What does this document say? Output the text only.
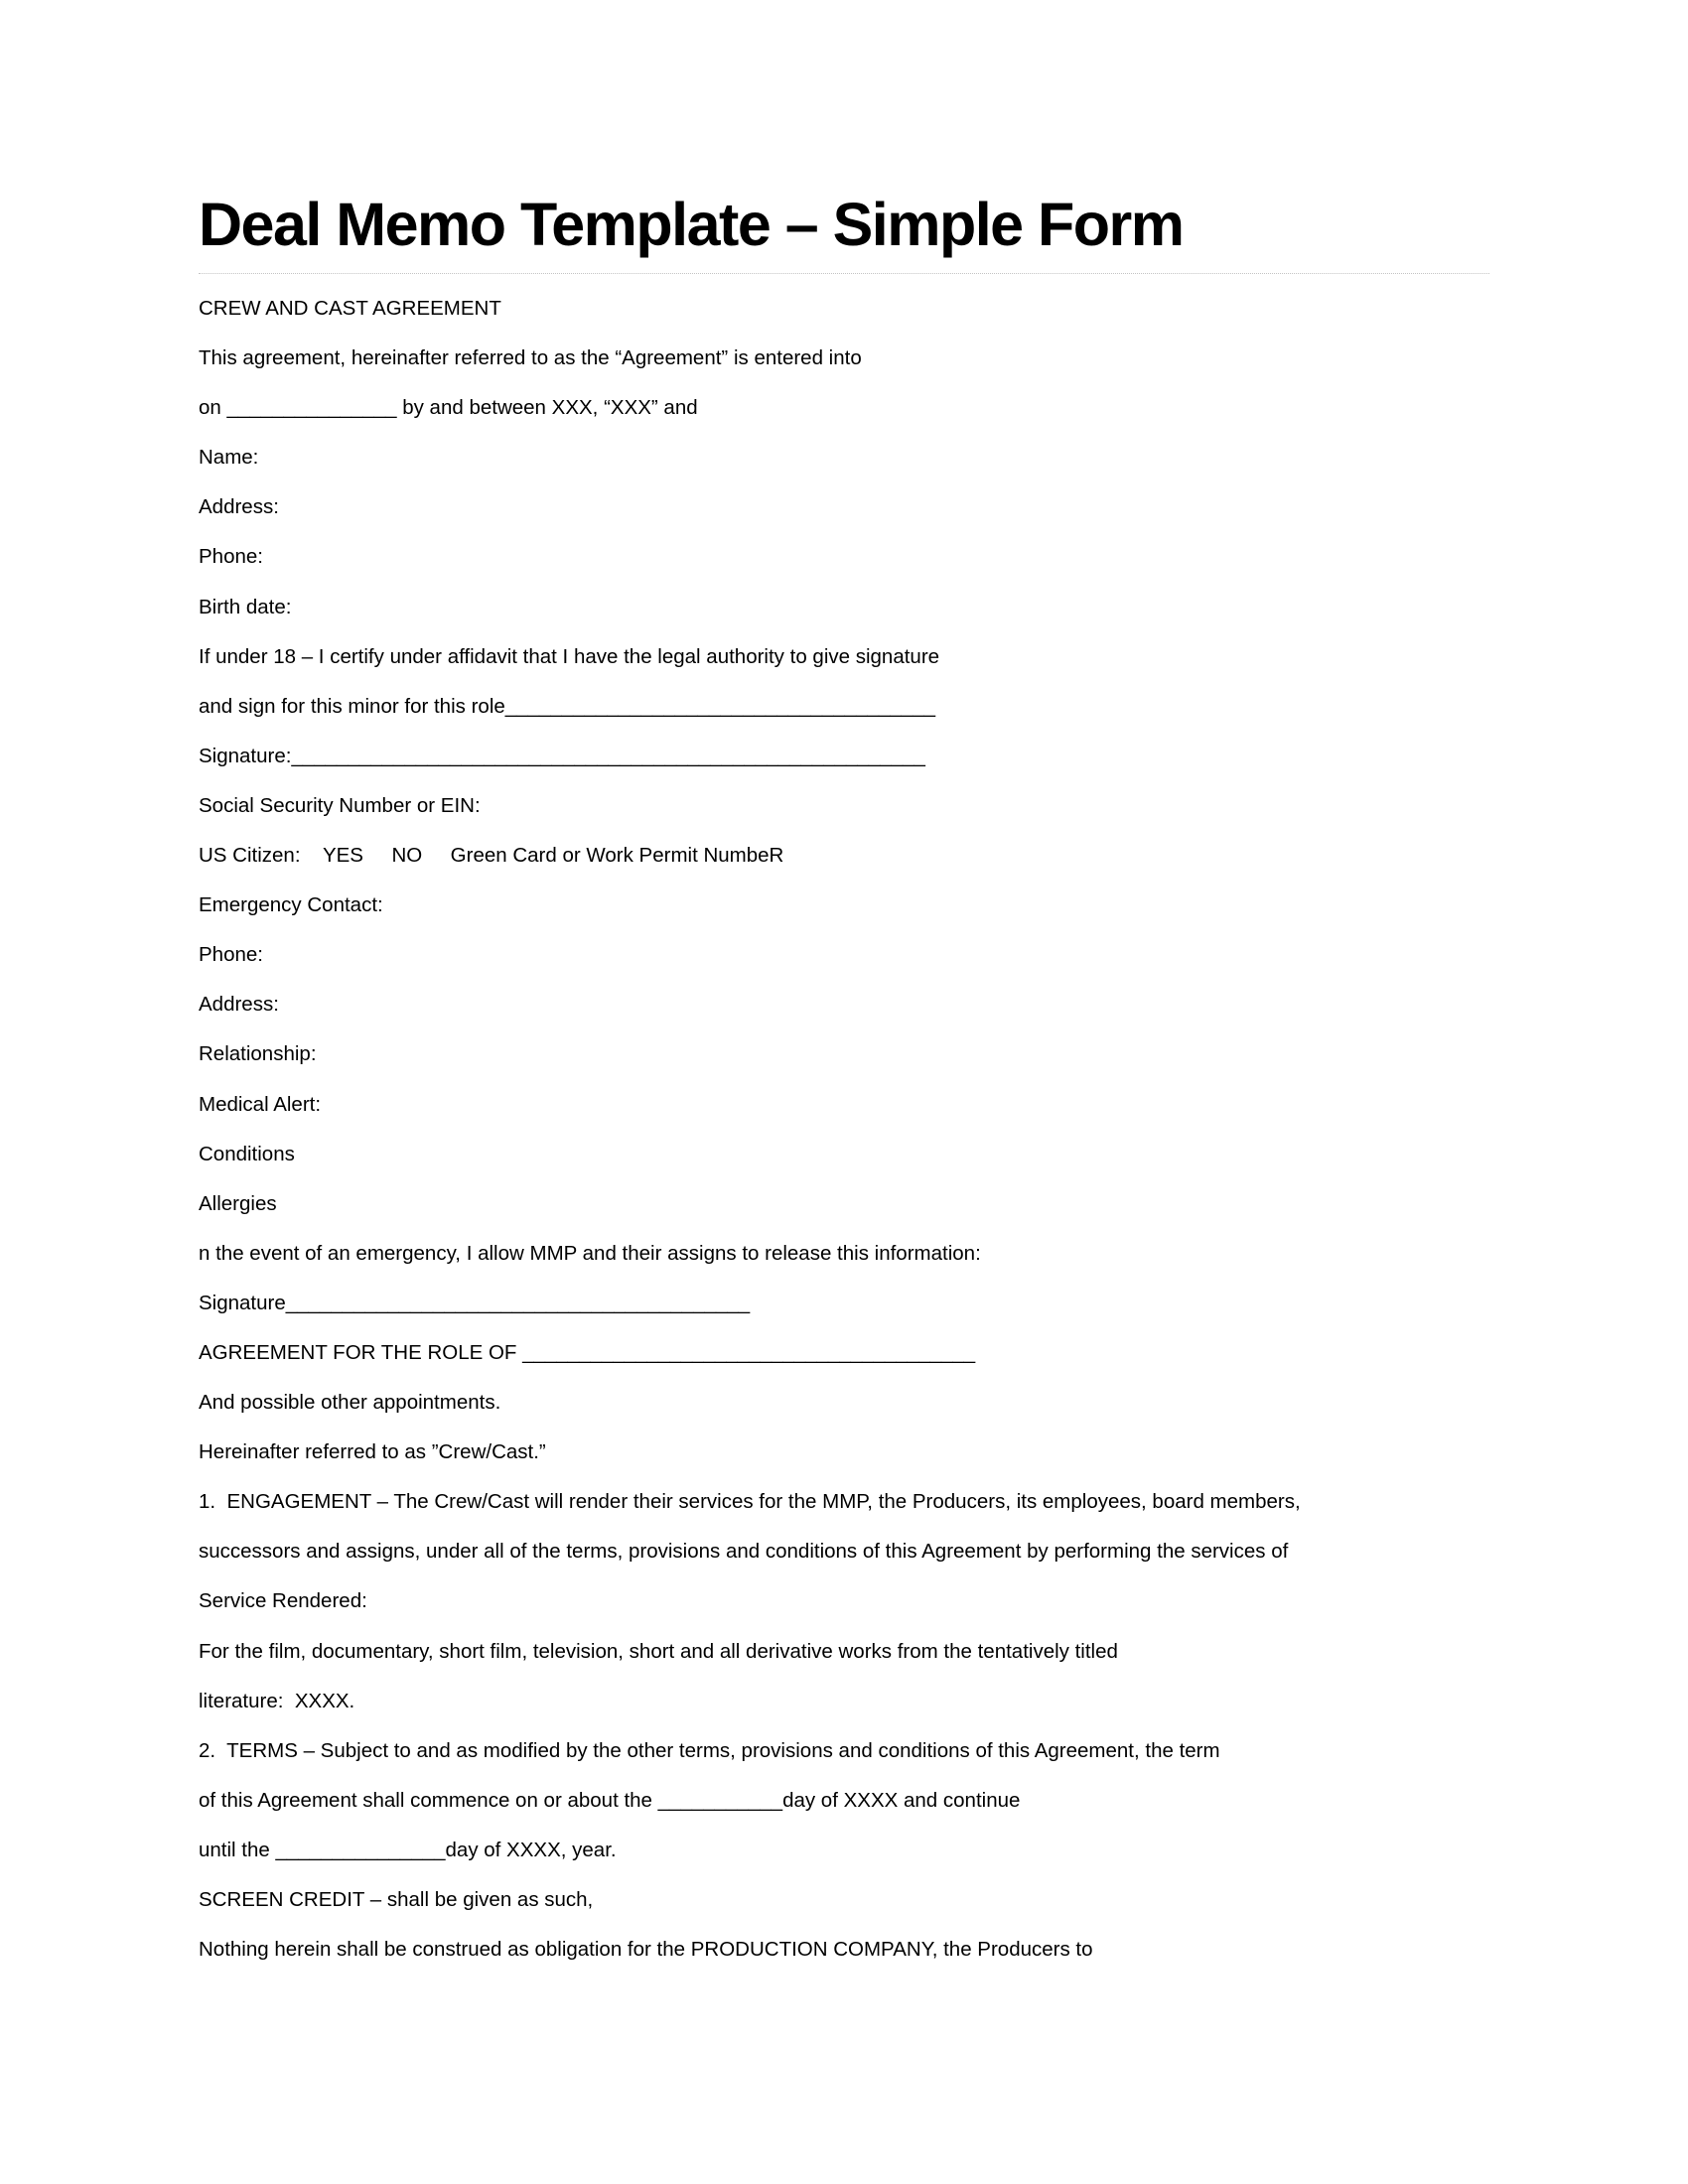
Deal Memo Template – Simple Form

CREW AND CAST AGREEMENT

This agreement, hereinafter referred to as the “Agreement” is entered into

on _______________ by and between XXX, “XXX” and

Name:

Address:

Phone:

Birth date:

If under 18 – I certify under affidavit that I have the legal authority to give signature

and sign for this minor for this role______________________________________

Signature:________________________________________________________

Social Security Number or EIN:

US Citizen:    YES     NO     Green Card or Work Permit NumbeR

Emergency Contact:

Phone:

Address:

Relationship:

Medical Alert:

Conditions

Allergies

n the event of an emergency, I allow MMP and their assigns to release this information:

Signature_________________________________________

AGREEMENT FOR THE ROLE OF ________________________________________

And possible other appointments.

Hereinafter referred to as ”Crew/Cast.”

1.  ENGAGEMENT – The Crew/Cast will render their services for the MMP, the Producers, its employees, board members,

successors and assigns, under all of the terms, provisions and conditions of this Agreement by performing the services of

Service Rendered:

For the film, documentary, short film, television, short and all derivative works from the tentatively titled

literature:  XXXX.

2.  TERMS – Subject to and as modified by the other terms, provisions and conditions of this Agreement, the term

of this Agreement shall commence on or about the ___________day of XXXX and continue

until the _______________day of XXXX, year.

SCREEN CREDIT – shall be given as such,

Nothing herein shall be construed as obligation for the PRODUCTION COMPANY, the Producers to
